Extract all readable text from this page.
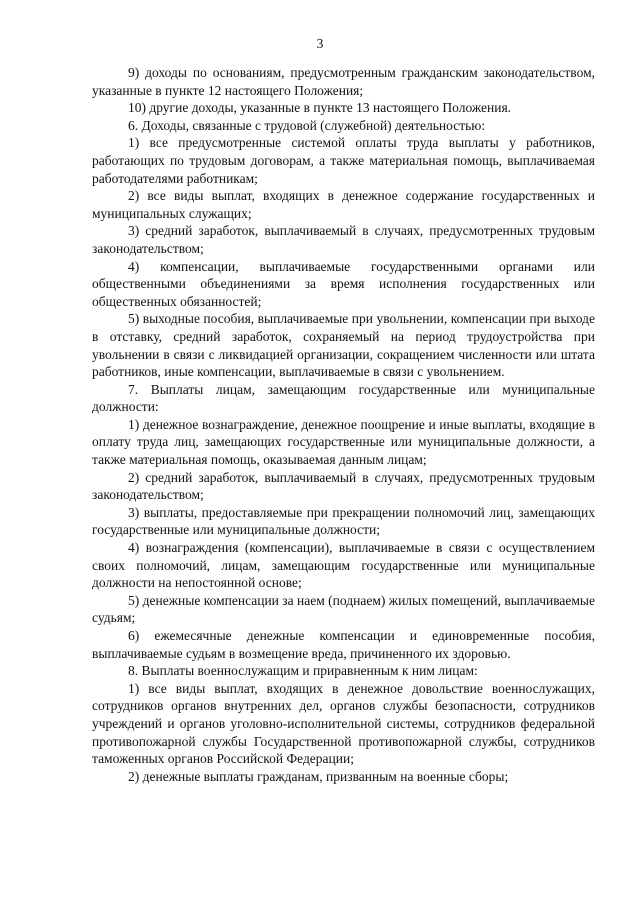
3

9) доходы по основаниям, предусмотренным гражданским законодательством, указанные в пункте 12 настоящего Положения;

10) другие доходы, указанные в пункте 13 настоящего Положения.

6. Доходы, связанные с трудовой (служебной) деятельностью:

1) все предусмотренные системой оплаты труда выплаты у работников, работающих по трудовым договорам, а также материальная помощь, выплачиваемая работодателями работникам;

2) все виды выплат, входящих в денежное содержание государственных и муниципальных служащих;

3) средний заработок, выплачиваемый в случаях, предусмотренных трудовым законодательством;

4) компенсации, выплачиваемые государственными органами или общественными объединениями за время исполнения государственных или общественных обязанностей;

5) выходные пособия, выплачиваемые при увольнении, компенсации при выходе в отставку, средний заработок, сохраняемый на период трудоустройства при увольнении в связи с ликвидацией организации, сокращением численности или штата работников, иные компенсации, выплачиваемые в связи с увольнением.

7. Выплаты лицам, замещающим государственные или муниципальные должности:

1) денежное вознаграждение, денежное поощрение и иные выплаты, входящие в оплату труда лиц, замещающих государственные или муниципальные должности, а также материальная помощь, оказываемая данным лицам;

2) средний заработок, выплачиваемый в случаях, предусмотренных трудовым законодательством;

3) выплаты, предоставляемые при прекращении полномочий лиц, замещающих государственные или муниципальные должности;

4) вознаграждения (компенсации), выплачиваемые в связи с осуществлением своих полномочий, лицам, замещающим государственные или муниципальные должности на непостоянной основе;

5) денежные компенсации за наем (поднаем) жилых помещений, выплачиваемые судьям;

6) ежемесячные денежные компенсации и единовременные пособия, выплачиваемые судьям в возмещение вреда, причиненного их здоровью.

8. Выплаты военнослужащим и приравненным к ним лицам:

1) все виды выплат, входящих в денежное довольствие военнослужащих, сотрудников органов внутренних дел, органов службы безопасности, сотрудников учреждений и органов уголовно-исполнительной системы, сотрудников федеральной противопожарной службы Государственной противопожарной службы, сотрудников таможенных органов Российской Федерации;

2) денежные выплаты гражданам, призванным на военные сборы;
